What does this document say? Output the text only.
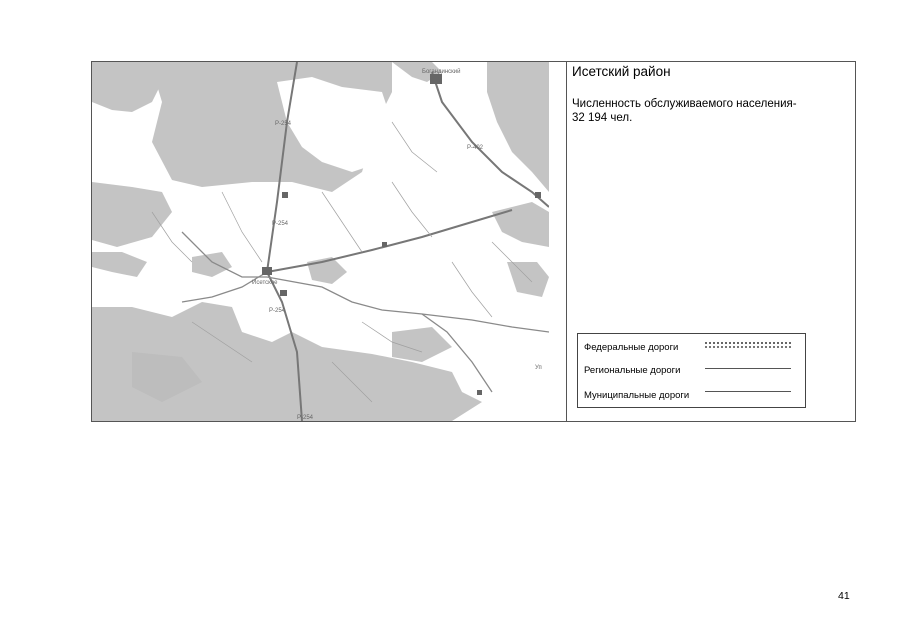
Богандинский
Исетское
Р-254
Р-254
Р-254
Р-254
Р-402
Уп
Исетский район
Численность обслуживаемого населения-
32 194 чел.
Федеральные дороги
Региональные дороги
Муниципальные дороги
41
